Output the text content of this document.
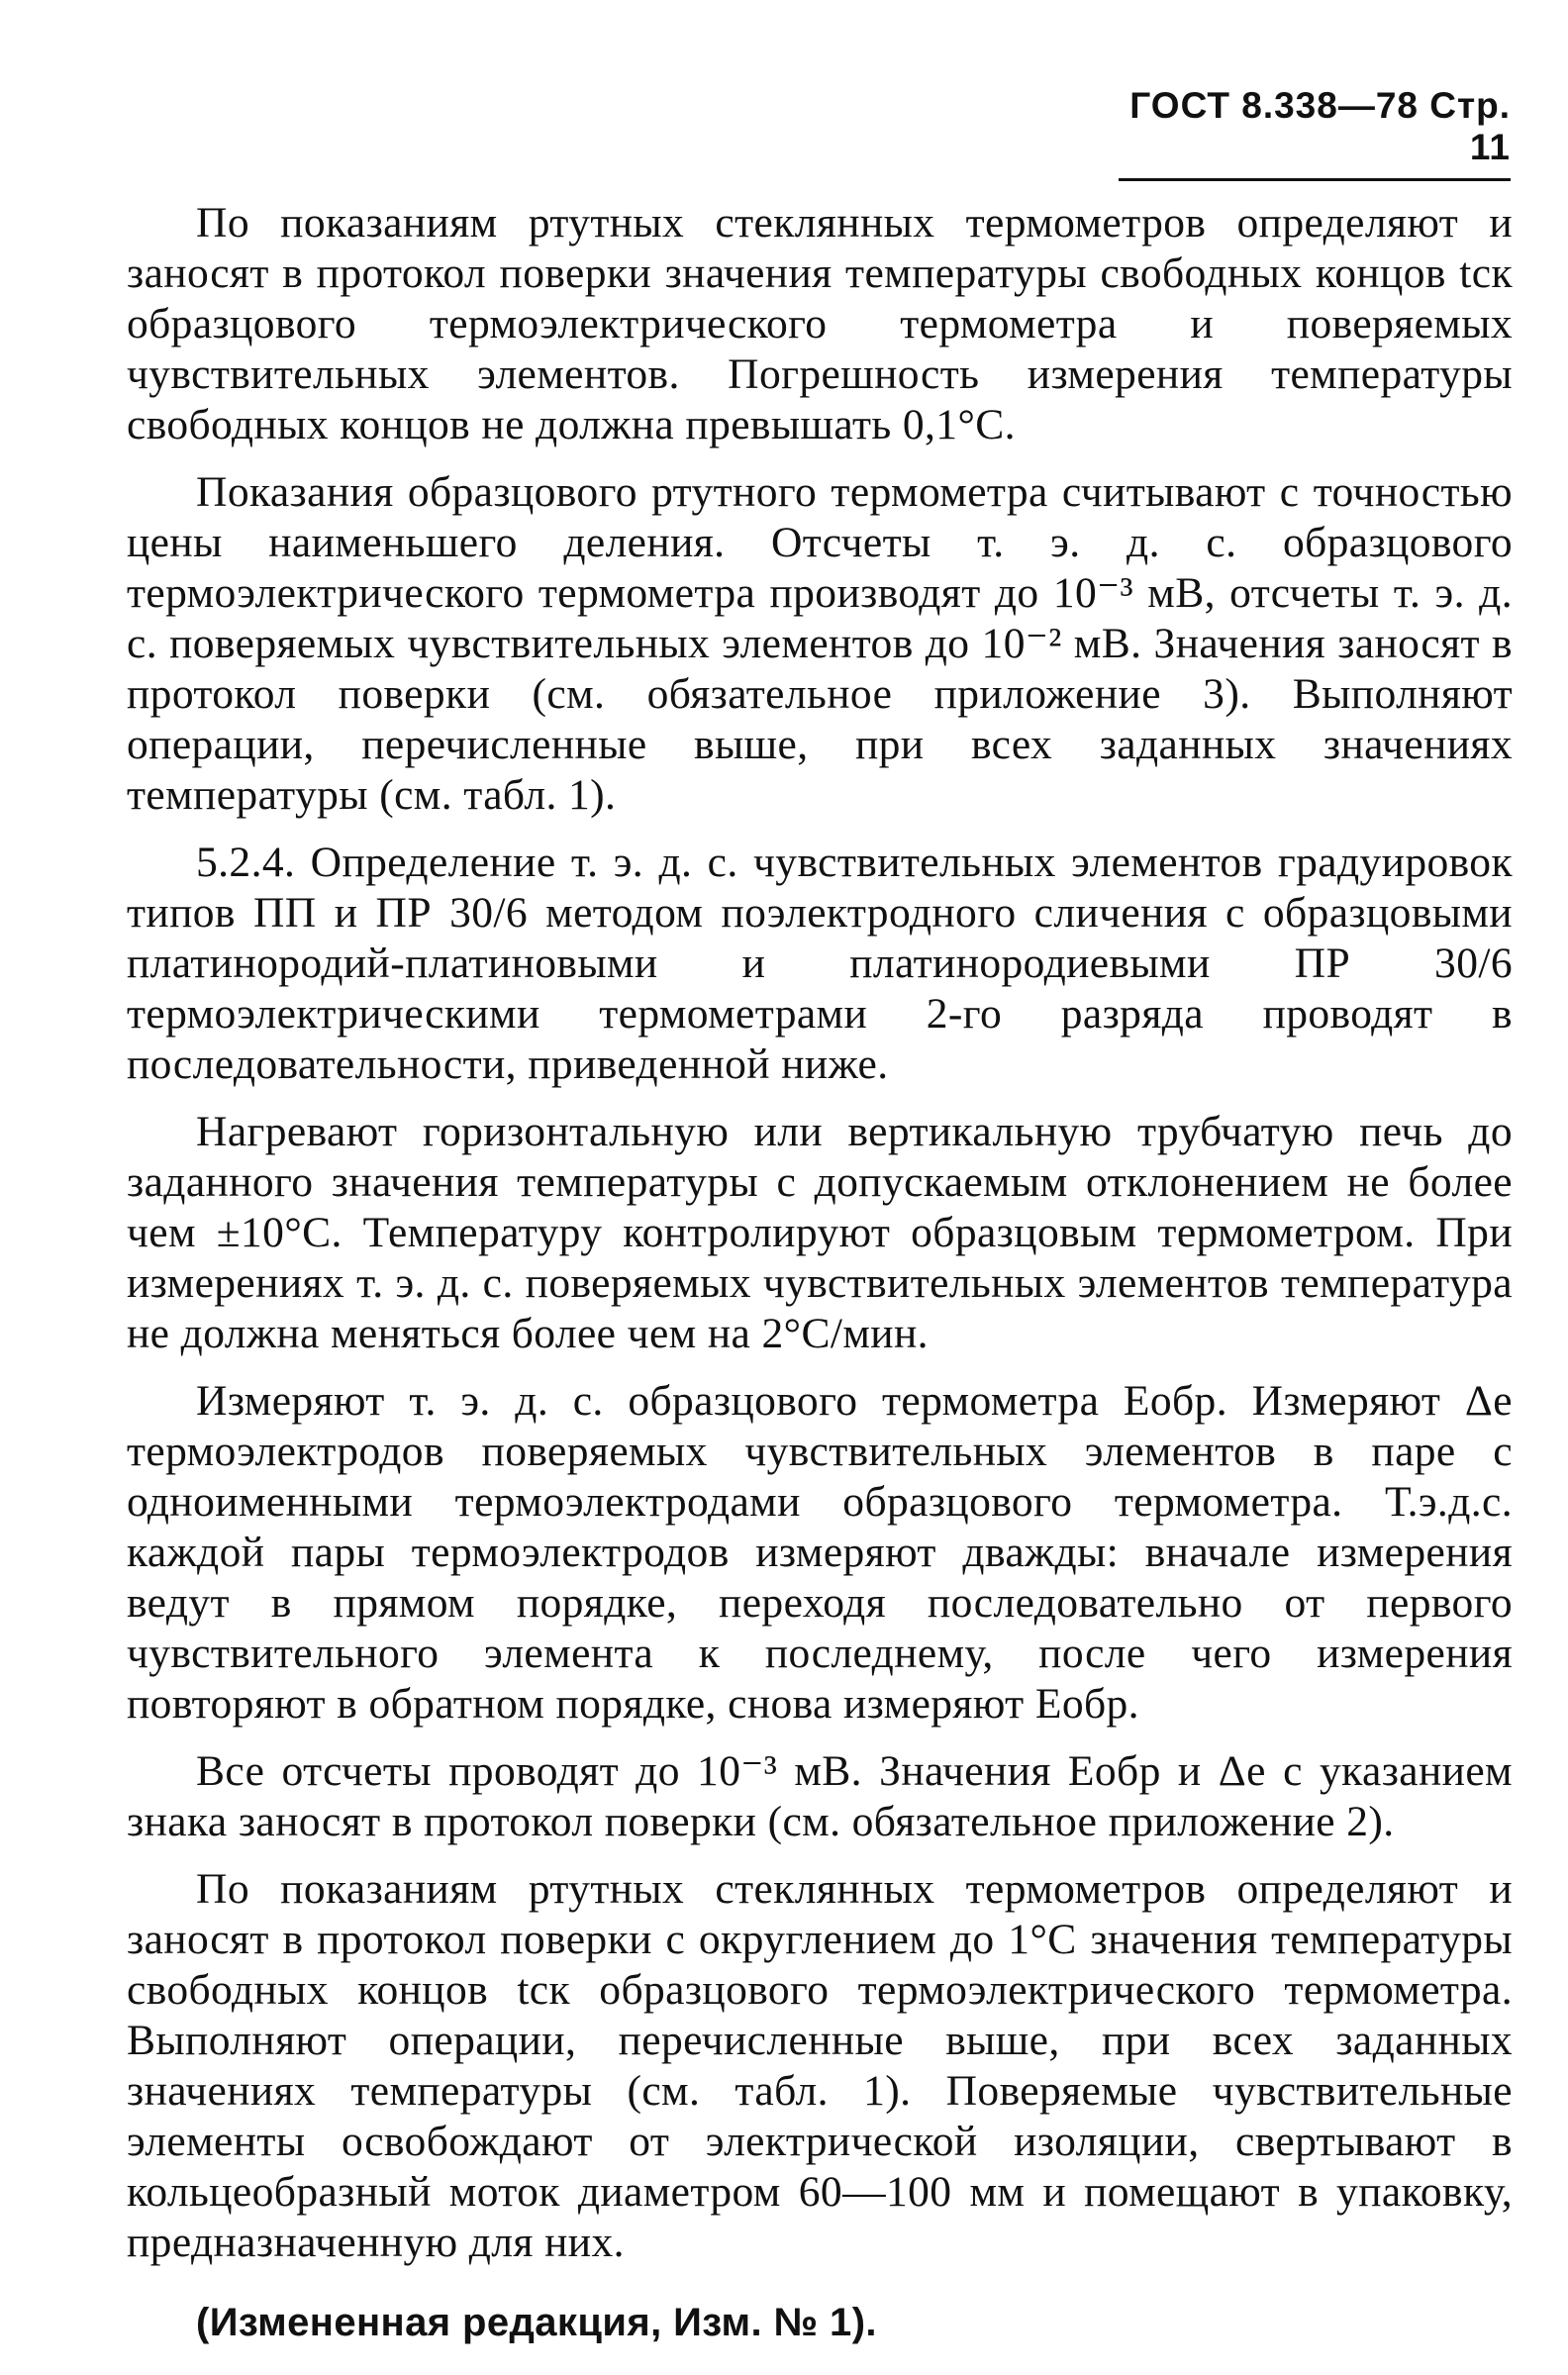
ГОСТ 8.338—78 Стр. 11

По показаниям ртутных стеклянных термометров определяют и заносят в протокол поверки значения температуры свободных концов tск образцового термоэлектрического термометра и поверяемых чувствительных элементов. Погрешность измерения температуры свободных концов не должна превышать 0,1°С.

Показания образцового ртутного термометра считывают с точностью цены наименьшего деления. Отсчеты т. э. д. с. образцового термоэлектрического термометра производят до 10⁻³ мВ, отсчеты т. э. д. с. поверяемых чувствительных элементов до 10⁻² мВ. Значения заносят в протокол поверки (см. обязательное приложение 3). Выполняют операции, перечисленные выше, при всех заданных значениях температуры (см. табл. 1).

5.2.4. Определение т. э. д. с. чувствительных элементов градуировок типов ПП и ПР 30/6 методом поэлектродного сличения с образцовыми платинородий-платиновыми и платинородиевыми ПР 30/6 термоэлектрическими термометрами 2-го разряда проводят в последовательности, приведенной ниже.

Нагревают горизонтальную или вертикальную трубчатую печь до заданного значения температуры с допускаемым отклонением не более чем ±10°С. Температуру контролируют образцовым термометром. При измерениях т. э. д. с. поверяемых чувствительных элементов температура не должна меняться более чем на 2°С/мин.

Измеряют т. э. д. с. образцового термометра Eобр. Измеряют Δe термоэлектродов поверяемых чувствительных элементов в паре с одноименными термоэлектродами образцового термометра. Т.э.д.с. каждой пары термоэлектродов измеряют дважды: вначале измерения ведут в прямом порядке, переходя последовательно от первого чувствительного элемента к последнему, после чего измерения повторяют в обратном порядке, снова измеряют Eобр.

Все отсчеты проводят до 10⁻³ мВ. Значения Eобр и Δe с указанием знака заносят в протокол поверки (см. обязательное приложение 2).

По показаниям ртутных стеклянных термометров определяют и заносят в протокол поверки с округлением до 1°С значения температуры свободных концов tск образцового термоэлектрического термометра. Выполняют операции, перечисленные выше, при всех заданных значениях температуры (см. табл. 1). Поверяемые чувствительные элементы освобождают от электрической изоляции, свертывают в кольцеобразный моток диаметром 60—100 мм и помещают в упаковку, предназначенную для них.

(Измененная редакция, Изм. № 1).
